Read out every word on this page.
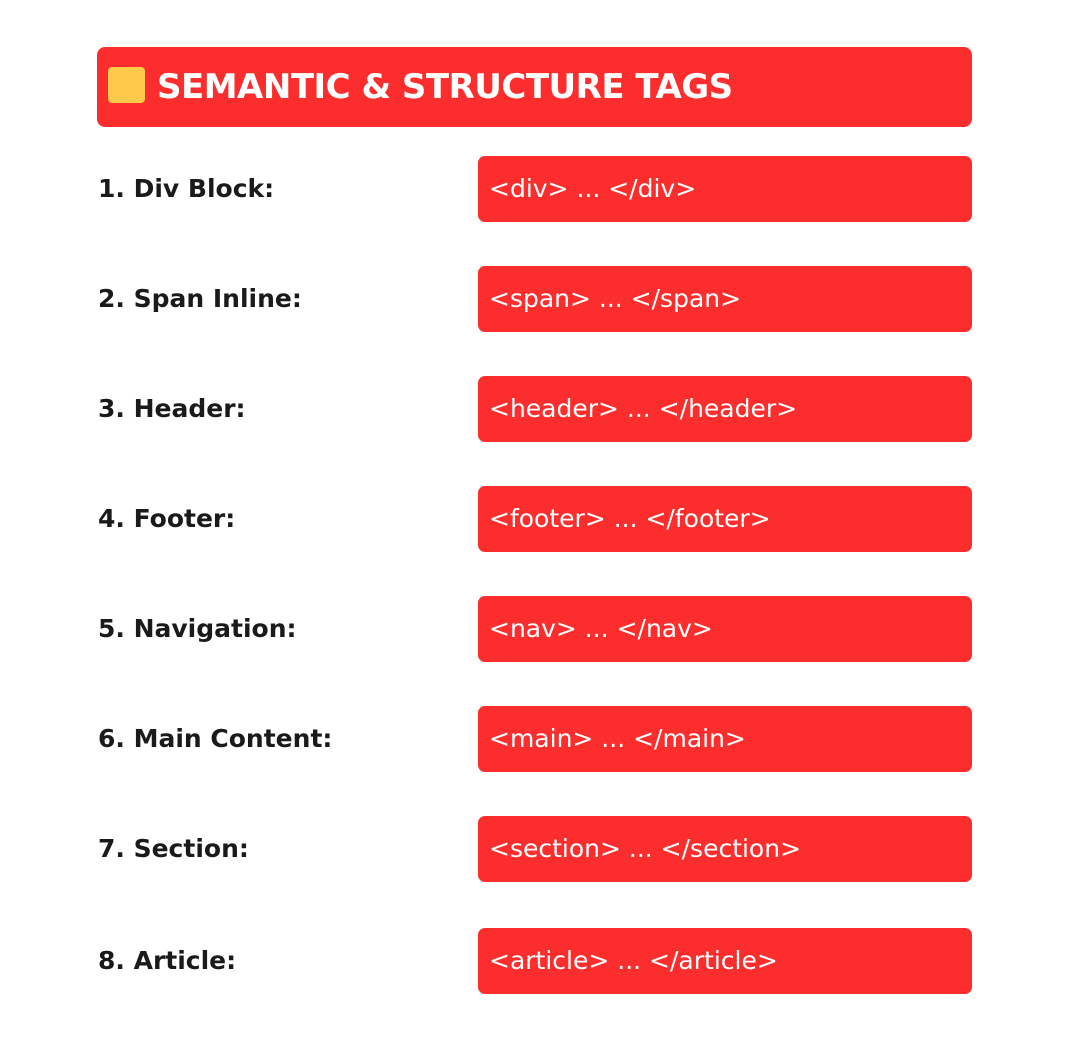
SEMANTIC & STRUCTURE TAGS
1. Div Block:	<div> ... </div>
2. Span Inline:	<span> ... </span>
3. Header:	<header> ... </header>
4. Footer:	<footer> ... </footer>
5. Navigation:	<nav> ... </nav>
6. Main Content:	<main> ... </main>
7. Section:	<section> ... </section>
8. Article:	<article> ... </article>
